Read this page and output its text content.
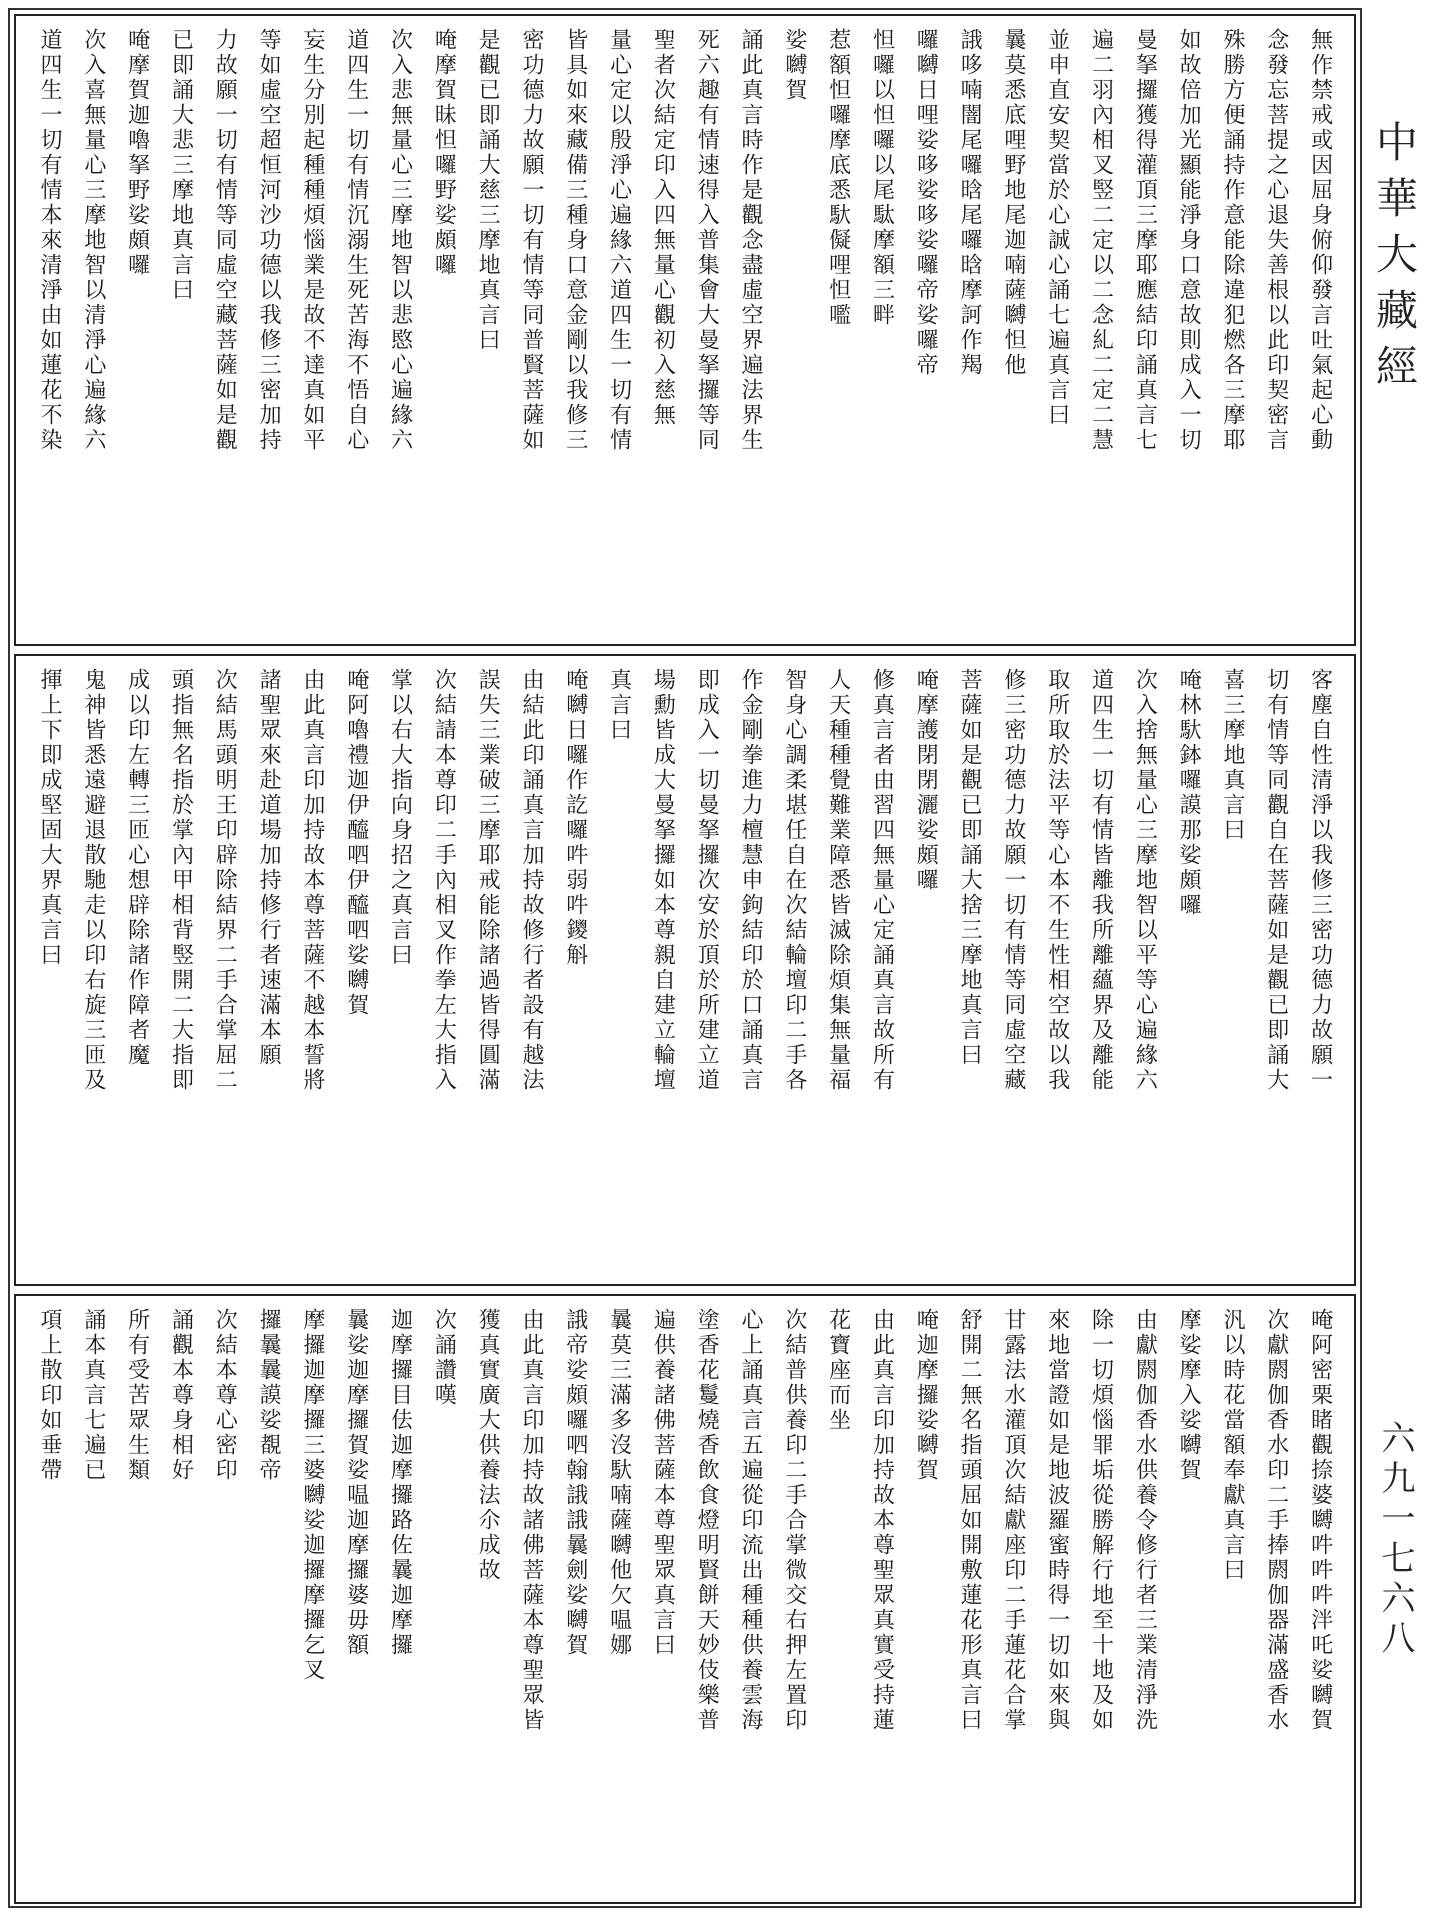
中華大藏經
六九一七六八
無作禁戒或因屈身俯仰發言吐氣起心動
念發忘菩提之心退失善根以此印契密言
殊勝方便誦持作意能除違犯燃各三摩耶
如故倍加光顯能淨身口意故則成入一切
曼拏攞獲得灌頂三摩耶應結印誦真言七
遍二羽內相叉竪二定以二念糺二定二慧
並申直安契當於心誠心誦七遍真言曰
曩莫悉底哩野地尾迦喃薩嚩怛他
誐哆喃闇尾囉晗尾囉晗摩訶作羯
囉嚩日哩娑哆娑哆娑囉帝娑囉帝
怛囉以怛囉以尾駄摩額三畔
惹額怛囉摩底悉馱儗哩怛嚂
娑嚩賀
誦此真言時作是觀念盡虛空界遍法界生
死六趣有情速得入普集會大曼拏攞等同
聖者次結定印入四無量心觀初入慈無
量心定以殷淨心遍緣六道四生一切有情
皆具如來藏備三種身口意金剛以我修三
密功德力故願一切有情等同普賢菩薩如
是觀已即誦大慈三摩地真言曰
唵摩賀昧怛囉野娑頗囉
次入悲無量心三摩地智以悲愍心遍緣六
道四生一切有情沉溺生死苦海不悟自心
妄生分別起種種煩惱業是故不達真如平
等如虛空超恒河沙功德以我修三密加持
力故願一切有情等同虛空藏菩薩如是觀
已即誦大悲三摩地真言曰
唵摩賀迦嚕拏野娑頗囉
次入喜無量心三摩地智以清淨心遍緣六
道四生一切有情本來清淨由如蓮花不染
客塵自性清淨以我修三密功德力故願一
切有情等同觀自在菩薩如是觀已即誦大
喜三摩地真言曰
唵林馱鉢囉謨那娑頗囉
次入捨無量心三摩地智以平等心遍緣六
道四生一切有情皆離我所離蘊界及離能
取所取於法平等心本不生性相空故以我
修三密功德力故願一切有情等同虛空藏
菩薩如是觀已即誦大捨三摩地真言曰
唵摩護閉閉灑娑頗囉
修真言者由習四無量心定誦真言故所有
人天種種覺難業障悉皆滅除煩集無量福
智身心調柔堪任自在次結輪壇印二手各
作金剛拳進力檀慧申鉤結印於口誦真言
即成入一切曼拏攞次安於頂於所建立道
場勳皆成大曼拏攞如本尊親自建立輪壇
真言曰
唵嚩日囉作訖囉吽弱吽鑁斛
由結此印誦真言加持故修行者設有越法
誤失三業破三摩耶戒能除諸過皆得圓滿
次結請本尊印二手內相叉作拳左大指入
掌以右大指向身招之真言曰
唵阿嚕禮迦伊醯呬伊醯呬娑嚩賀
由此真言印加持故本尊菩薩不越本誓將
諸聖眾來赴道場加持修行者速滿本願
次結馬頭明王印辟除結界二手合掌屈二
頭指無名指於掌內甲相背竪開二大指即
成以印左轉三匝心想辟除諸作障者魔
鬼神皆悉遠避退散馳走以印右旋三匝及
揮上下即成堅固大界真言曰
唵阿密栗睹觀捺婆嚩吽吽吽泮吒娑嚩賀
次獻閼伽香水印二手捧閼伽器滿盛香水
汎以時花當額奉獻真言曰
摩娑摩入娑嚩賀
由獻閼伽香水供養令修行者三業清淨洗
除一切煩惱罪垢從勝解行地至十地及如
來地當證如是地波羅蜜時得一切如來與
甘露法水灌頂次結獻座印二手蓮花合掌
舒開二無名指頭屈如開敷蓮花形真言曰
唵迦摩攞娑嚩賀
由此真言印加持故本尊聖眾真實受持蓮
花寶座而坐
次結普供養印二手合掌微交右押左置印
心上誦真言五遍從印流出種種供養雲海
塗香花鬘燒香飲食燈明賢餅天妙伎樂普
遍供養諸佛菩薩本尊聖眾真言曰
曩莫三滿多沒馱喃薩嚩他欠嗢娜
誐帝娑頗囉呬翰誐誐曩劍娑嚩賀
由此真言印加持故諸佛菩薩本尊聖眾皆
獲真實廣大供養法尒成故
次誦讚嘆
迦摩攞目佉迦摩攞路佐曩迦摩攞
曩娑迦摩攞賀娑嗢迦摩攞婆毋額
摩攞迦摩攞三婆嚩娑迦攞摩攞乞叉
攞曩曩謨娑覩帝
次結本尊心密印
誦觀本尊身相好
所有受苦眾生類
誦本真言七遍已
項上散印如垂帶
